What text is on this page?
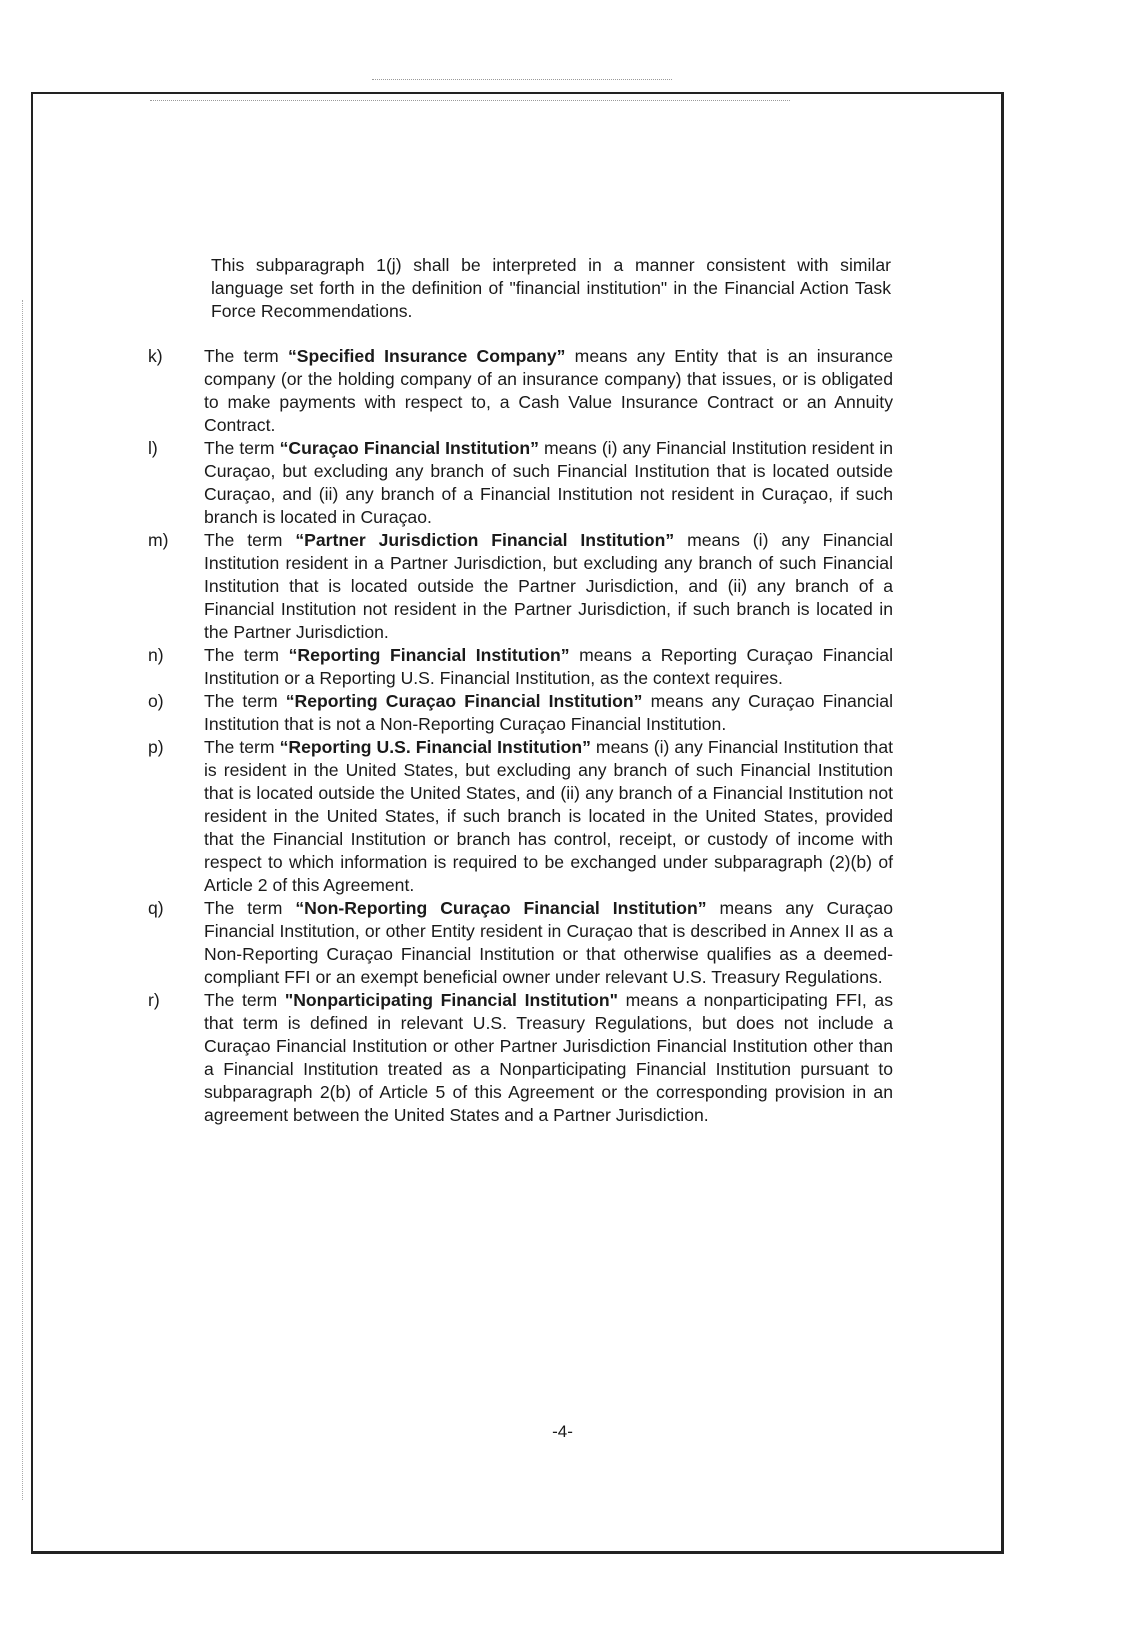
This subparagraph 1(j) shall be interpreted in a manner consistent with similar language set forth in the definition of "financial institution" in the Financial Action Task Force Recommendations.

k)	The term “Specified Insurance Company” means any Entity that is an insurance company (or the holding company of an insurance company) that issues, or is obligated to make payments with respect to, a Cash Value Insurance Contract or an Annuity Contract.

l)	The term “Curaçao Financial Institution” means (i) any Financial Institution resident in Curaçao, but excluding any branch of such Financial Institution that is located outside Curaçao, and (ii) any branch of a Financial Institution not resident in Curaçao, if such branch is located in Curaçao.

m)	The term “Partner Jurisdiction Financial Institution” means (i) any Financial Institution resident in a Partner Jurisdiction, but excluding any branch of such Financial Institution that is located outside the Partner Jurisdiction, and (ii) any branch of a Financial Institution not resident in the Partner Jurisdiction, if such branch is located in the Partner Jurisdiction.

n)	The term “Reporting Financial Institution” means a Reporting Curaçao Financial Institution or a Reporting U.S. Financial Institution, as the context requires.

o)	The term “Reporting Curaçao Financial Institution” means any Curaçao Financial Institution that is not a Non-Reporting Curaçao Financial Institution.

p)	The term “Reporting U.S. Financial Institution” means (i) any Financial Institution that is resident in the United States, but excluding any branch of such Financial Institution that is located outside the United States, and (ii) any branch of a Financial Institution not resident in the United States, if such branch is located in the United States, provided that the Financial Institution or branch has control, receipt, or custody of income with respect to which information is required to be exchanged under subparagraph (2)(b) of Article 2 of this Agreement.

q)	The term “Non-Reporting Curaçao Financial Institution” means any Curaçao Financial Institution, or other Entity resident in Curaçao that is described in Annex II as a Non-Reporting Curaçao Financial Institution or that otherwise qualifies as a deemed-compliant FFI or an exempt beneficial owner under relevant U.S. Treasury Regulations.

r)	The term "Nonparticipating Financial Institution" means a nonparticipating FFI, as that term is defined in relevant U.S. Treasury Regulations, but does not include a Curaçao Financial Institution or other Partner Jurisdiction Financial Institution other than a Financial Institution treated as a Nonparticipating Financial Institution pursuant to subparagraph 2(b) of Article 5 of this Agreement or the corresponding provision in an agreement between the United States and a Partner Jurisdiction.

-4-
